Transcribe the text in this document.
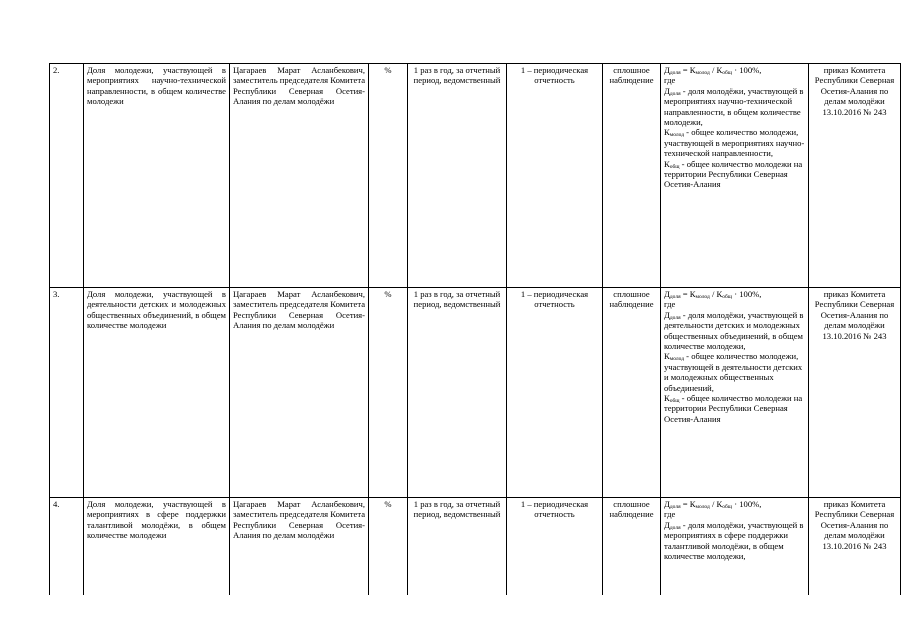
2.	Доля молодежи, участвующей в мероприятиях научно-технической направленности, в общем количестве молодежи	Цагараев Марат Асланбекович, заместитель председателя Комитета Республики Северная Осетия-Алания по делам молодёжи	%	1 раз в год, за отчетный период, ведомственный	1 – периодическая отчетность	сплошное наблюдение	$Д_{доля} = К_{молод} / К_{общ} \cdot 100\%$,
где
$Д_{доля}$ - доля молодёжи, участвующей в мероприятиях научно-технической направленности, в общем количестве молодежи,
$К_{молод}$ - общее количество молодежи, участвующей в мероприятиях научно-технической направленности,
$К_{общ}$ - общее количество молодежи на территории Республики Северная Осетия-Алания	приказ Комитета Республики Северная Осетия-Алания по делам молодёжи 13.10.2016 № 243
3.	Доля молодежи, участвующей в деятельности детских и молодежных общественных объединений, в общем количестве молодежи	Цагараев Марат Асланбекович, заместитель председателя Комитета Республики Северная Осетия-Алания по делам молодёжи	%	1 раз в год, за отчетный период, ведомственный	1 – периодическая отчетность	сплошное наблюдение	$Д_{доля} = К_{молод} / К_{общ} \cdot 100\%$,
где
$Д_{доля}$ - доля молодёжи, участвующей в деятельности детских и молодежных общественных объединений, в общем количестве молодежи,
$К_{молод}$ - общее количество молодежи, участвующей в деятельности детских и молодежных общественных объединений,
$К_{общ}$ - общее количество молодежи на территории Республики Северная Осетия-Алания	приказ Комитета Республики Северная Осетия-Алания по делам молодёжи 13.10.2016 № 243
4.	Доля молодежи, участвующей в мероприятиях в сфере поддержки талантливой молодёжи, в общем количестве молодежи	Цагараев Марат Асланбекович, заместитель председателя Комитета Республики Северная Осетия-Алания по делам молодёжи	%	1 раз в год, за отчетный период, ведомственный	1 – периодическая отчетность	сплошное наблюдение	$Д_{доля} = К_{молод} / К_{общ} \cdot 100\%$,
где
$Д_{доля}$ - доля молодёжи, участвующей в мероприятиях в сфере поддержки талантливой молодёжи, в общем количестве молодежи,	приказ Комитета Республики Северная Осетия-Алания по делам молодёжи 13.10.2016 № 243
